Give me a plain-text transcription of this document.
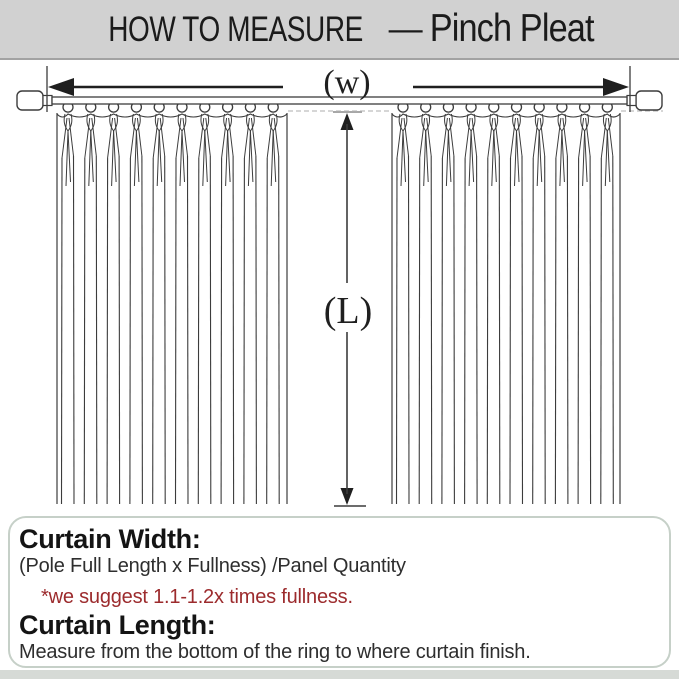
HOW TO MEASURE — Pinch Pleat
(w)
(L)
Curtain Width:
(Pole Full Length x Fullness) /Panel Quantity
*we suggest 1.1-1.2x times fullness.
Curtain Length:
Measure from the bottom of the ring to where curtain finish.
